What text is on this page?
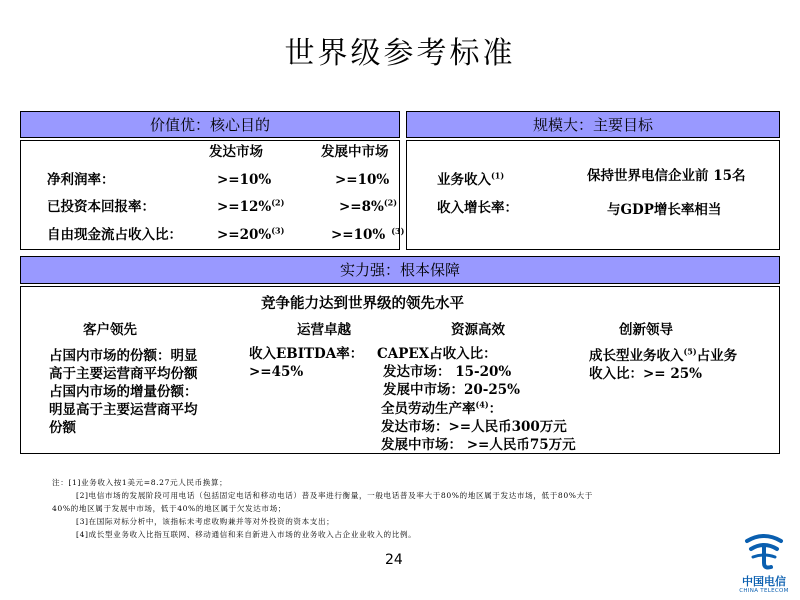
世界级参考标准
价值优：核心目的
发达市场	发展中市场
净利润率：	>=10%	>=10%
已投资本回报率：	>=12%$^{(2)}$	>=8%$^{(2)}$
自由现金流占收入比：	>=20%$^{(3)}$	>=10% $^{(3)}$
规模大：主要目标
业务收入$^{(1)}$	保持世界电信企业前 15名
收入增长率：	与GDP增长率相当
实力强：根本保障
竞争能力达到世界级的领先水平
客户领先
占国内市场的份额：明显
高于主要运营商平均份额
占国内市场的增量份额：
明显高于主要运营商平均
份额
运营卓越
收入EBITDA率：
>=45%
资源高效
CAPEX占收入比：
发达市场： 15-20%
发展中市场：20-25%
全员劳动生产率$^{(4)}$：
发达市场：>=人民币300万元
发展中市场： >=人民币75万元
创新领导
成长型业务收入$^{(5)}$占业务
收入比：>= 25%
注：[1]业务收入按1美元=8.27元人民币换算；
[2]电信市场的发展阶段可用电话（包括固定电话和移动电话）普及率进行衡量，一般电话普及率大于80%的地区属于发达市场，低于80%大于
40%的地区属于发展中市场，低于40%的地区属于欠发达市场；
[3]在国际对标分析中，该指标未考虑收购兼并等对外投资的资本支出；
[4]成长型业务收入比指互联网、移动通信和来自新进入市场的业务收入占企业业收入的比例。
24
中国电信
CHINA TELECOM
